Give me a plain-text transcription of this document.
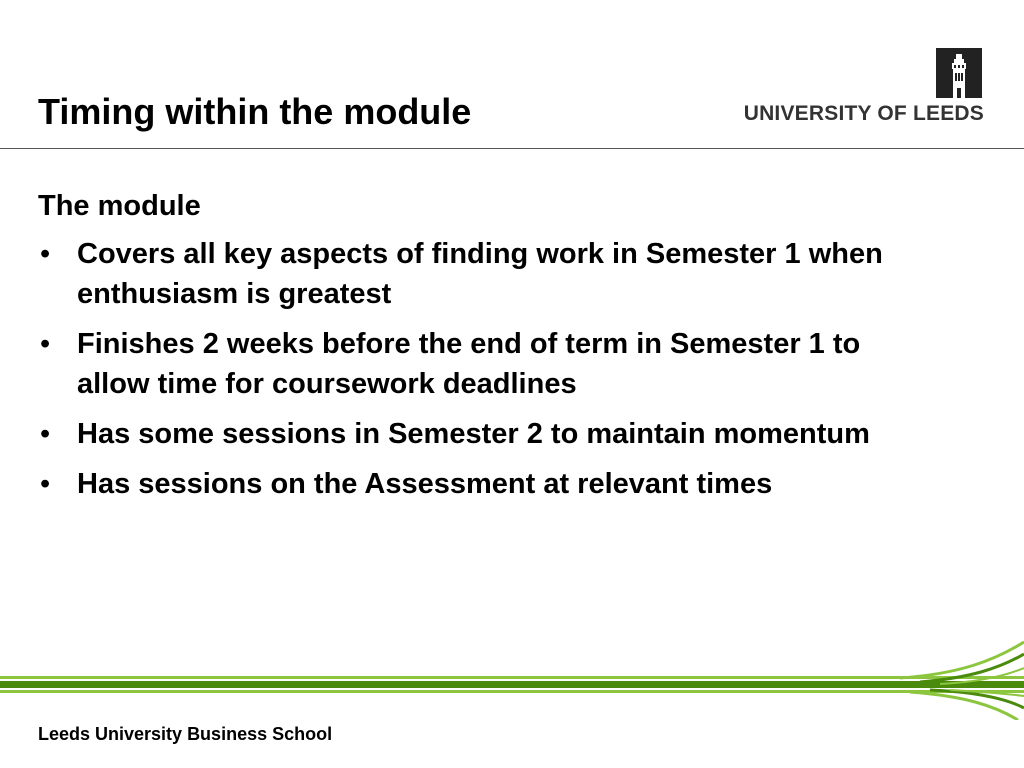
Timing within the module	UNIVERSITY OF LEEDS

The module

• Covers all key aspects of finding work in Semester 1 when enthusiasm is greatest
• Finishes 2 weeks before the end of term in Semester 1 to allow time for coursework deadlines
• Has some sessions in Semester 2 to maintain momentum
• Has sessions on the Assessment at relevant times
Leeds University Business School
